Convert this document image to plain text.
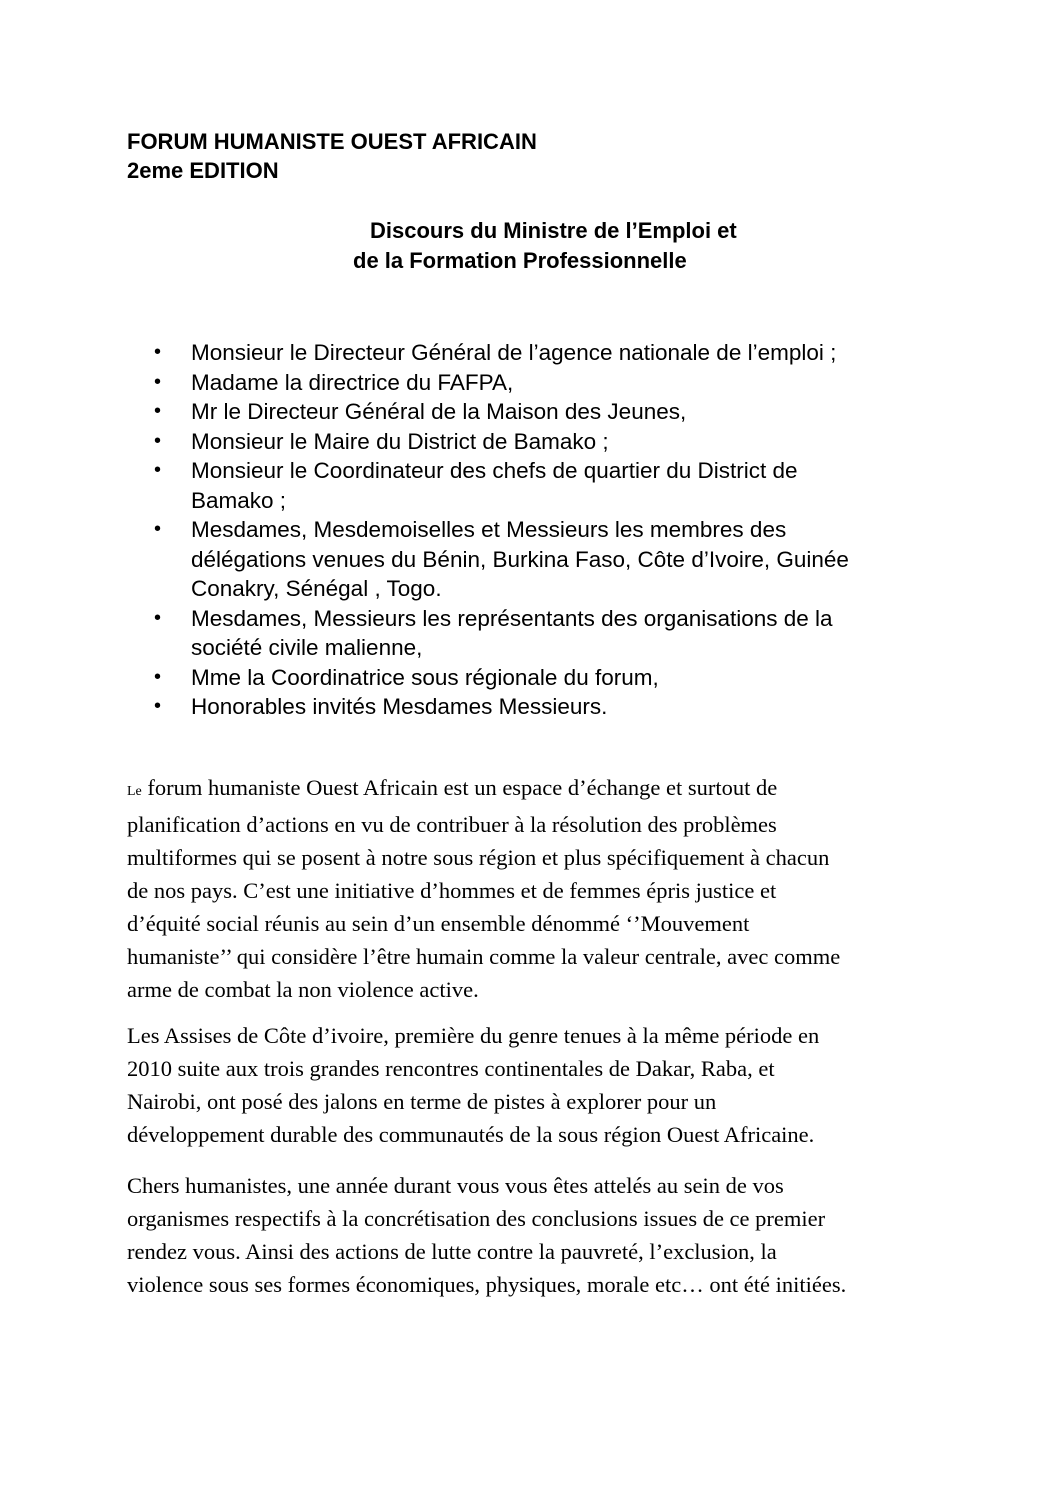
FORUM HUMANISTE OUEST AFRICAIN
2eme EDITION
Discours du Ministre de l’Emploi et
de la Formation Professionnelle
• Monsieur le Directeur Général de l’agence nationale de l’emploi ;
• Madame la directrice du FAFPA,
• Mr le Directeur Général de la Maison des Jeunes,
• Monsieur le Maire du District de Bamako ;
• Monsieur le Coordinateur des chefs de quartier du District de
Bamako ;
• Mesdames, Mesdemoiselles et Messieurs les membres des
délégations venues du Bénin, Burkina Faso, Côte d’Ivoire, Guinée
Conakry, Sénégal , Togo.
• Mesdames, Messieurs les représentants des organisations de la
société civile malienne,
• Mme la Coordinatrice sous régionale du forum,
• Honorables invités Mesdames Messieurs.

Le forum humaniste Ouest Africain est un espace d’échange et surtout de
planification d’actions en vu de contribuer à la résolution des problèmes
multiformes qui se posent à notre sous région et plus spécifiquement à chacun
de nos pays. C’est une initiative d’hommes et de femmes épris justice et
d’équité social réunis au sein d’un ensemble dénommé ‘’Mouvement
humaniste’’ qui considère l’être humain comme la valeur centrale, avec comme
arme de combat la non violence active.

Les Assises de Côte d’ivoire, première du genre tenues à la même période en
2010 suite aux trois grandes rencontres continentales de Dakar, Raba, et
Nairobi, ont posé des jalons en terme de pistes à explorer pour un
développement durable des communautés de la sous région Ouest Africaine.

Chers humanistes, une année durant vous vous êtes attelés au sein de vos
organismes respectifs à la concrétisation des conclusions issues de ce premier
rendez vous. Ainsi des actions de lutte contre la pauvreté, l’exclusion, la
violence sous ses formes économiques, physiques, morale etc… ont été initiées.
